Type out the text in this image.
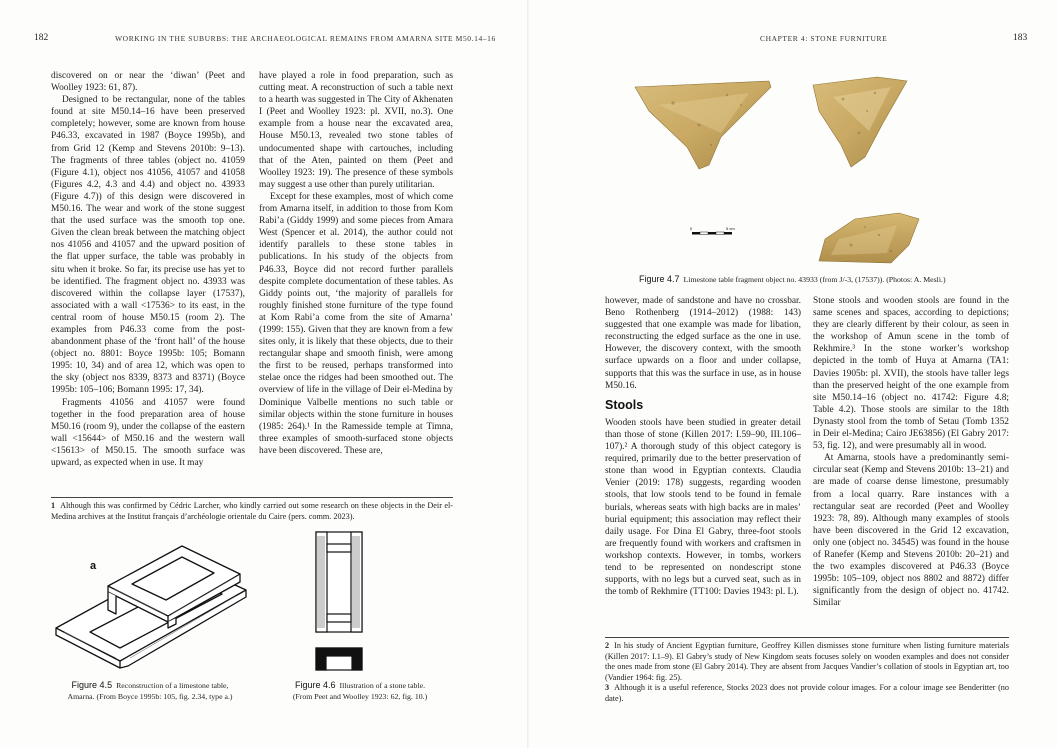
182	WORKING IN THE SUBURBS: THE ARCHAEOLOGICAL REMAINS FROM AMARNA SITE M50.14–16

discovered on or near the ‘diwan’ (Peet and Woolley 1923: 61, 87).

Designed to be rectangular, none of the tables found at site M50.14–16 have been preserved completely; however, some are known from house P46.33, excavated in 1987 (Boyce 1995b), and from Grid 12 (Kemp and Stevens 2010b: 9–13). The fragments of three tables (object no. 41059 (Figure 4.1), object nos 41056, 41057 and 41058 (Figures 4.2, 4.3 and 4.4) and object no. 43933 (Figure 4.7)) of this design were discovered in M50.16. The wear and work of the stone suggest that the used surface was the smooth top one. Given the clean break between the matching object nos 41056 and 41057 and the upward position of the flat upper surface, the table was probably in situ when it broke. So far, its precise use has yet to be identified. The fragment object no. 43933 was discovered within the collapse layer (17537), associated with a wall <17536> to its east, in the central room of house M50.15 (room 2). The examples from P46.33 come from the post-abandonment phase of the ‘front hall’ of the house (object no. 8801: Boyce 1995b: 105; Bomann 1995: 10, 34) and of area 12, which was open to the sky (object nos 8339, 8373 and 8371) (Boyce 1995b: 105–106; Bomann 1995: 17, 34).

Fragments 41056 and 41057 were found together in the food preparation area of house M50.16 (room 9), under the collapse of the eastern wall <15644> of M50.16 and the western wall <15613> of M50.15. The smooth surface was upward, as expected when in use. It may

have played a role in food preparation, such as cutting meat. A reconstruction of such a table next to a hearth was suggested in The City of Akhenaten I (Peet and Woolley 1923: pl. XVII, no.3). One example from a house near the excavated area, House M50.13, revealed two stone tables of undocumented shape with cartouches, including that of the Aten, painted on them (Peet and Woolley 1923: 19). The presence of these symbols may suggest a use other than purely utilitarian.

Except for these examples, most of which come from Amarna itself, in addition to those from Kom Rabi’a (Giddy 1999) and some pieces from Amara West (Spencer et al. 2014), the author could not identify parallels to these stone tables in publications. In his study of the objects from P46.33, Boyce did not record further parallels despite complete documentation of these tables. As Giddy points out, ‘the majority of parallels for roughly finished stone furniture of the type found at Kom Rabi’a come from the site of Amarna’ (1999: 155). Given that they are known from a few sites only, it is likely that these objects, due to their rectangular shape and smooth finish, were among the first to be reused, perhaps transformed into stelae once the ridges had been smoothed out. The overview of life in the village of Deir el-Medina by Dominique Valbelle mentions no such table or similar objects within the stone furniture in houses (1985: 264).¹ In the Ramesside temple at Timna, three examples of smooth-surfaced stone objects have been discovered. These are,

1 Although this was confirmed by Cédric Larcher, who kindly carried out some research on these objects in the Deir el-Medina archives at the Institut français d’archéologie orientale du Caire (pers. comm. 2023).

a
Figure 4.5 Reconstruction of a limestone table,
Amarna. (From Boyce 1995b: 105, fig. 2.34, type a.)
Figure 4.6 Illustration of a stone table.
(From Peet and Woolley 1923: 62, fig. 10.)
CHAPTER 4: STONE FURNITURE	183
0	5 cm
Figure 4.7 Limestone table fragment object no. 43933 (from J/-3, (17537)). (Photos: A. Mesli.)

however, made of sandstone and have no crossbar. Beno Rothenberg (1914–2012) (1988: 143) suggested that one example was made for libation, reconstructing the edged surface as the one in use. However, the discovery context, with the smooth surface upwards on a floor and under collapse, supports that this was the surface in use, as in house M50.16.

Stools

Wooden stools have been studied in greater detail than those of stone (Killen 2017: I.59–90, III.106–107).² A thorough study of this object category is required, primarily due to the better preservation of stone than wood in Egyptian contexts. Claudia Venier (2019: 178) suggests, regarding wooden stools, that low stools tend to be found in female burials, whereas seats with high backs are in males’ burial equipment; this association may reflect their daily usage. For Dina El Gabry, three-foot stools are frequently found with workers and craftsmen in workshop contexts. However, in tombs, workers tend to be represented on nondescript stone supports, with no legs but a curved seat, such as in the tomb of Rekhmire (TT100: Davies 1943: pl. L).

Stone stools and wooden stools are found in the same scenes and spaces, according to depictions; they are clearly different by their colour, as seen in the workshop of Amun scene in the tomb of Rekhmire.³ In the stone worker’s workshop depicted in the tomb of Huya at Amarna (TA1: Davies 1905b: pl. XVII), the stools have taller legs than the preserved height of the one example from site M50.14–16 (object no. 41742: Figure 4.8; Table 4.2). Those stools are similar to the 18th Dynasty stool from the tomb of Setau (Tomb 1352 in Deir el-Medina; Cairo JE63856) (El Gabry 2017: 53, fig. 12), and were presumably all in wood.

At Amarna, stools have a predominantly semi-circular seat (Kemp and Stevens 2010b: 13–21) and are made of coarse dense limestone, presumably from a local quarry. Rare instances with a rectangular seat are recorded (Peet and Woolley 1923: 78, 89). Although many examples of stools have been discovered in the Grid 12 excavation, only one (object no. 34545) was found in the house of Ranefer (Kemp and Stevens 2010b: 20–21) and the two examples discovered at P46.33 (Boyce 1995b: 105–109, object nos 8802 and 8872) differ significantly from the design of object no. 41742. Similar

2 In his study of Ancient Egyptian furniture, Geoffrey Killen dismisses stone furniture when listing furniture materials (Killen 2017: I.1–9). El Gabry’s study of New Kingdom seats focuses solely on wooden examples and does not consider the ones made from stone (El Gabry 2014). They are absent from Jacques Vandier’s collation of stools in Egyptian art, too (Vandier 1964: fig. 25).

3 Although it is a useful reference, Stocks 2023 does not provide colour images. For a colour image see Benderitter (no date).
